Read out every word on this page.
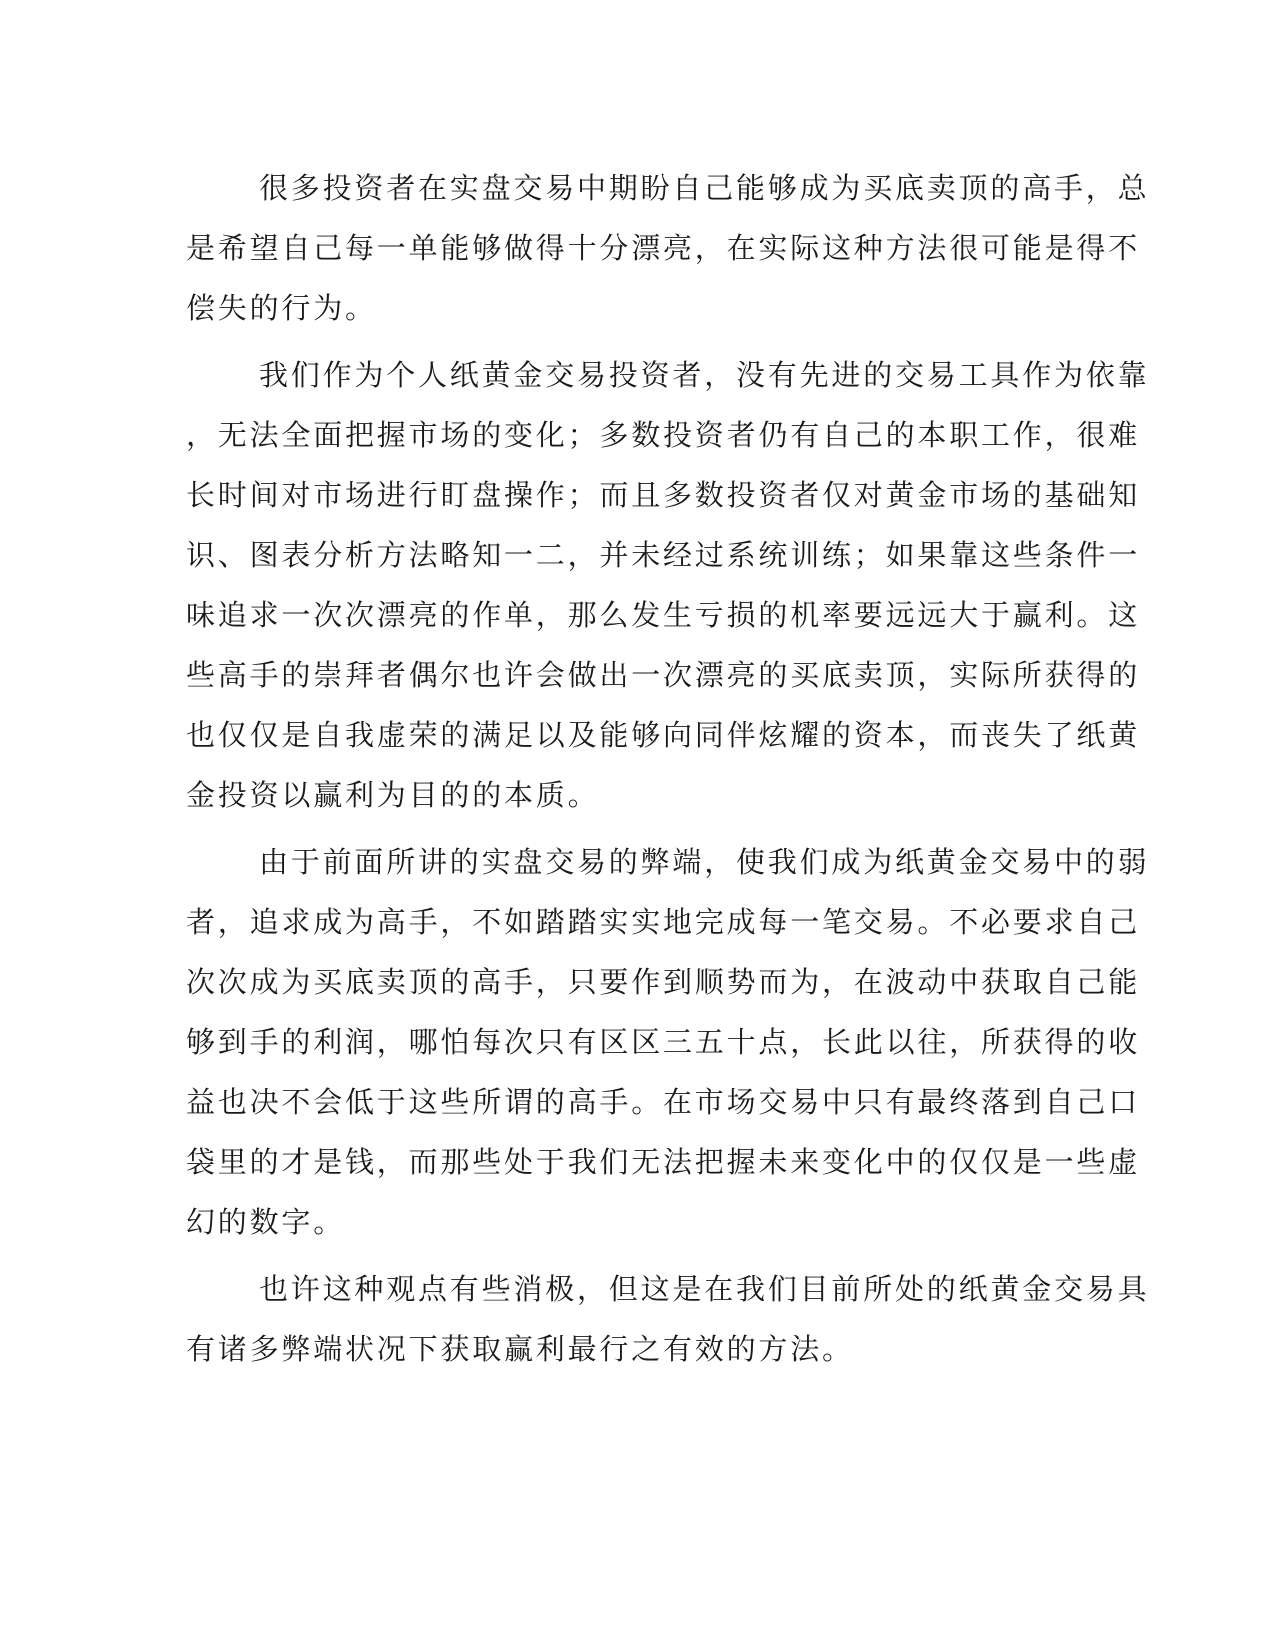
很多投资者在实盘交易中期盼自己能够成为买底卖顶的高手，总
是希望自己每一单能够做得十分漂亮，在实际这种方法很可能是得不
偿失的行为。

我们作为个人纸黄金交易投资者，没有先进的交易工具作为依靠
，无法全面把握市场的变化；多数投资者仍有自己的本职工作，很难
长时间对市场进行盯盘操作；而且多数投资者仅对黄金市场的基础知
识、图表分析方法略知一二，并未经过系统训练；如果靠这些条件一
味追求一次次漂亮的作单，那么发生亏损的机率要远远大于赢利。这
些高手的崇拜者偶尔也许会做出一次漂亮的买底卖顶，实际所获得的
也仅仅是自我虚荣的满足以及能够向同伴炫耀的资本，而丧失了纸黄
金投资以赢利为目的的本质。

由于前面所讲的实盘交易的弊端，使我们成为纸黄金交易中的弱
者，追求成为高手，不如踏踏实实地完成每一笔交易。不必要求自己
次次成为买底卖顶的高手，只要作到顺势而为，在波动中获取自己能
够到手的利润，哪怕每次只有区区三五十点，长此以往，所获得的收
益也决不会低于这些所谓的高手。在市场交易中只有最终落到自己口
袋里的才是钱，而那些处于我们无法把握未来变化中的仅仅是一些虚
幻的数字。

也许这种观点有些消极，但这是在我们目前所处的纸黄金交易具
有诸多弊端状况下获取赢利最行之有效的方法。
